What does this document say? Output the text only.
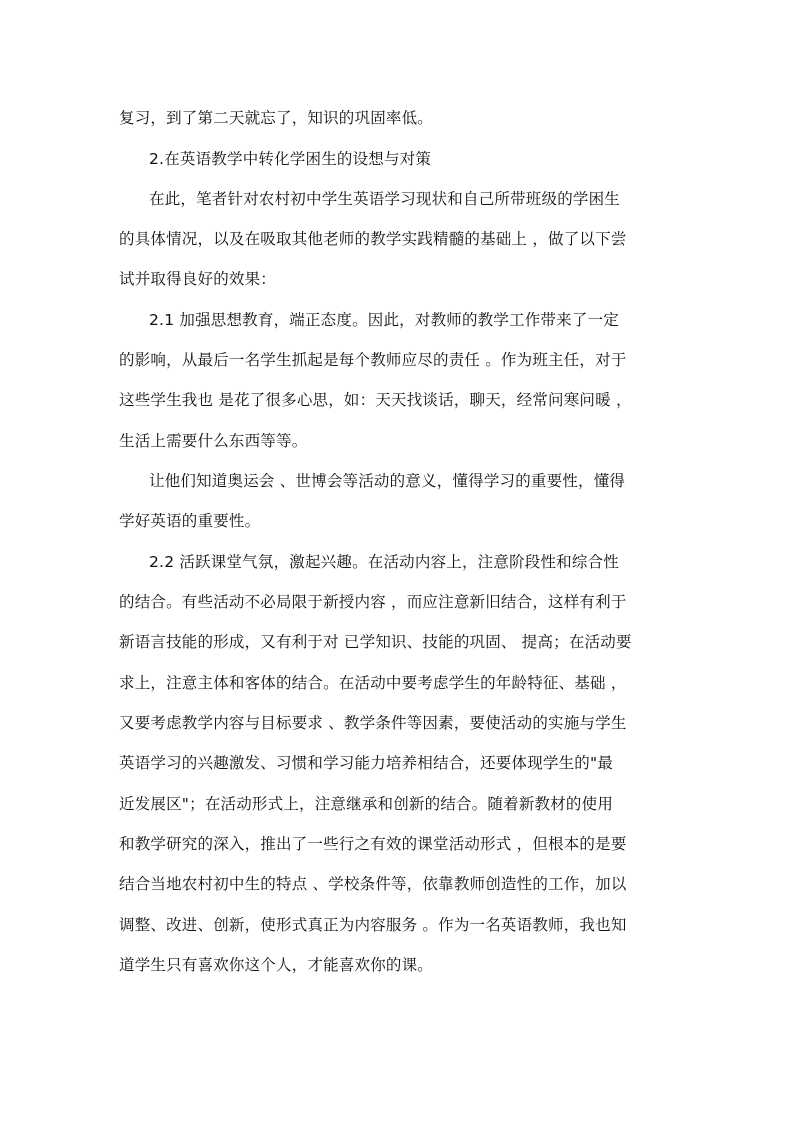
复习，到了第二天就忘了，知识的巩固率低。
2.在英语教学中转化学困生的设想与对策
在此，笔者针对农村初中学生英语学习现状和自己所带班级的学困生
的具体情况，以及在吸取其他老师的教学实践精髓的基础上 ，做了以下尝
试并取得良好的效果：
2.1 加强思想教育，端正态度。因此，对教师的教学工作带来了一定
的影响，从最后一名学生抓起是每个教师应尽的责任 。作为班主任，对于
这些学生我也 是花了很多心思，如：天天找谈话，聊天，经常问寒问暖 ，
生活上需要什么东西等等。
让他们知道奥运会 、世博会等活动的意义，懂得学习的重要性，懂得
学好英语的重要性。
2.2 活跃课堂气氛，激起兴趣。在活动内容上，注意阶段性和综合性
的结合。有些活动不必局限于新授内容 ，而应注意新旧结合，这样有利于
新语言技能的形成，又有利于对 已学知识、技能的巩固、 提高；在活动要
求上，注意主体和客体的结合。在活动中要考虑学生的年龄特征、基础 ，
又要考虑教学内容与目标要求 、教学条件等因素，要使活动的实施与学生
英语学习的兴趣激发、习惯和学习能力培养相结合，还要体现学生的"最
近发展区"；在活动形式上，注意继承和创新的结合。随着新教材的使用
和教学研究的深入，推出了一些行之有效的课堂活动形式 ，但根本的是要
结合当地农村初中生的特点 、学校条件等，依靠教师创造性的工作，加以
调整、改进、创新，使形式真正为内容服务 。作为一名英语教师，我也知
道学生只有喜欢你这个人，才能喜欢你的课。
